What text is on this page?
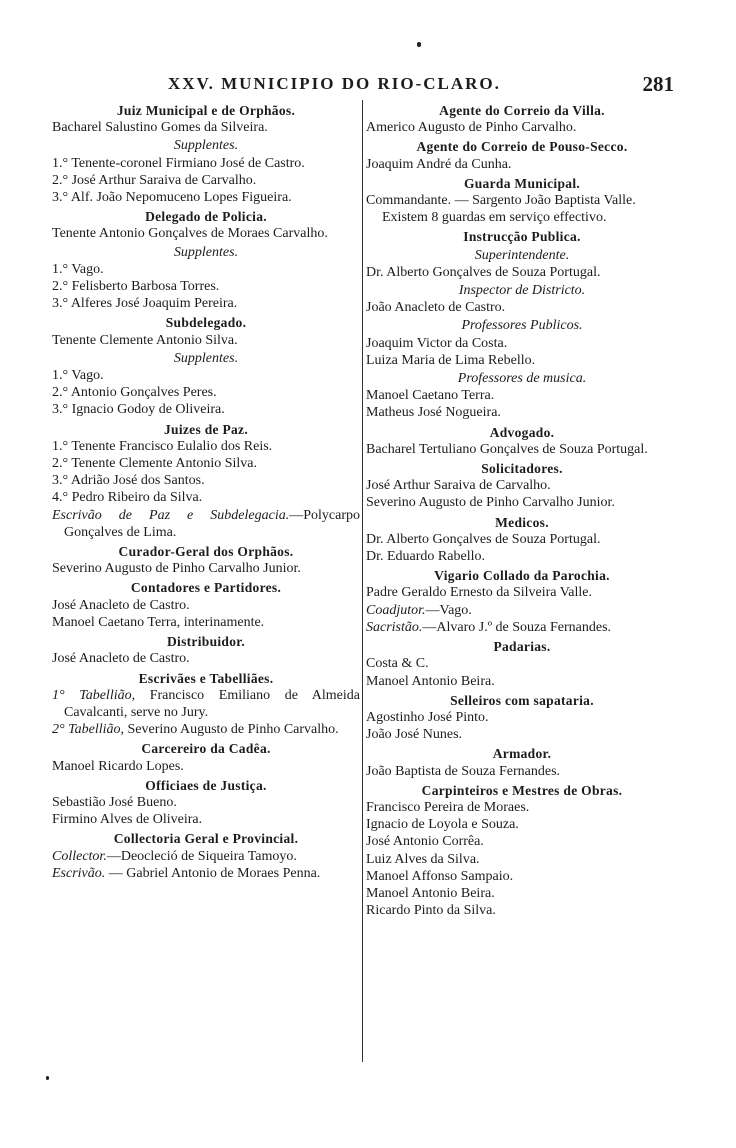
XXV. MUNICIPIO DO RIO-CLARO.	281
Juiz Municipal e de Orphãos.
Bacharel Salustino Gomes da Silveira.
Supplentes.
1.° Tenente-coronel Firmiano José de Castro.
2.° José Arthur Saraiva de Carvalho.
3.° Alf. João Nepomuceno Lopes Figueira.
Delegado de Policia.
Tenente Antonio Gonçalves de Moraes Carvalho.
Supplentes.
1.° Vago.
2.° Felisberto Barbosa Torres.
3.° Alferes José Joaquim Pereira.
Subdelegado.
Tenente Clemente Antonio Silva.
Supplentes.
1.° Vago.
2.° Antonio Gonçalves Peres.
3.° Ignacio Godoy de Oliveira.
Juizes de Paz.
1.° Tenente Francisco Eulalio dos Reis.
2.° Tenente Clemente Antonio Silva.
3.° Adrião José dos Santos.
4.° Pedro Ribeiro da Silva.
Escrivão de Paz e Subdelegacia.—Polycarpo Gonçalves de Lima.
Curador-Geral dos Orphãos.
Severino Augusto de Pinho Carvalho Junior.
Contadores e Partidores.
José Anacleto de Castro.
Manoel Caetano Terra, interinamente.
Distribuidor.
José Anacleto de Castro.
Escrivães e Tabelliães.
1° Tabellião, Francisco Emiliano de Almeida Cavalcanti, serve no Jury.
2° Tabellião, Severino Augusto de Pinho Carvalho.
Carcereiro da Cadêa.
Manoel Ricardo Lopes.
Officiaes de Justiça.
Sebastião José Bueno.
Firmino Alves de Oliveira.
Collectoria Geral e Provincial.
Collector.—Deocleció de Siqueira Tamoyo.
Escrivão. — Gabriel Antonio de Moraes Penna.
Agente do Correio da Villa.
Americo Augusto de Pinho Carvalho.
Agente do Correio de Pouso-Secco.
Joaquim André da Cunha.
Guarda Municipal.
Commandante. — Sargento João Baptista Valle.
Existem 8 guardas em serviço effectivo.
Instrucção Publica.
Superintendente.
Dr. Alberto Gonçalves de Souza Portugal.
Inspector de Districto.
João Anacleto de Castro.
Professores Publicos.
Joaquim Victor da Costa.
Luiza Maria de Lima Rebello.
Professores de musica.
Manoel Caetano Terra.
Matheus José Nogueira.
Advogado.
Bacharel Tertuliano Gonçalves de Souza Portugal.
Solicitadores.
José Arthur Saraiva de Carvalho.
Severino Augusto de Pinho Carvalho Junior.
Medicos.
Dr. Alberto Gonçalves de Souza Portugal.
Dr. Eduardo Rabello.
Vigario Collado da Parochia.
Padre Geraldo Ernesto da Silveira Valle.
Coadjutor.—Vago.
Sacristão.—Alvaro J.º de Souza Fernandes.
Padarias.
Costa & C.
Manoel Antonio Beira.
Selleiros com sapataria.
Agostinho José Pinto.
João José Nunes.
Armador.
João Baptista de Souza Fernandes.
Carpinteiros e Mestres de Obras.
Francisco Pereira de Moraes.
Ignacio de Loyola e Souza.
José Antonio Corrêa.
Luiz Alves da Silva.
Manoel Affonso Sampaio.
Manoel Antonio Beira.
Ricardo Pinto da Silva.
